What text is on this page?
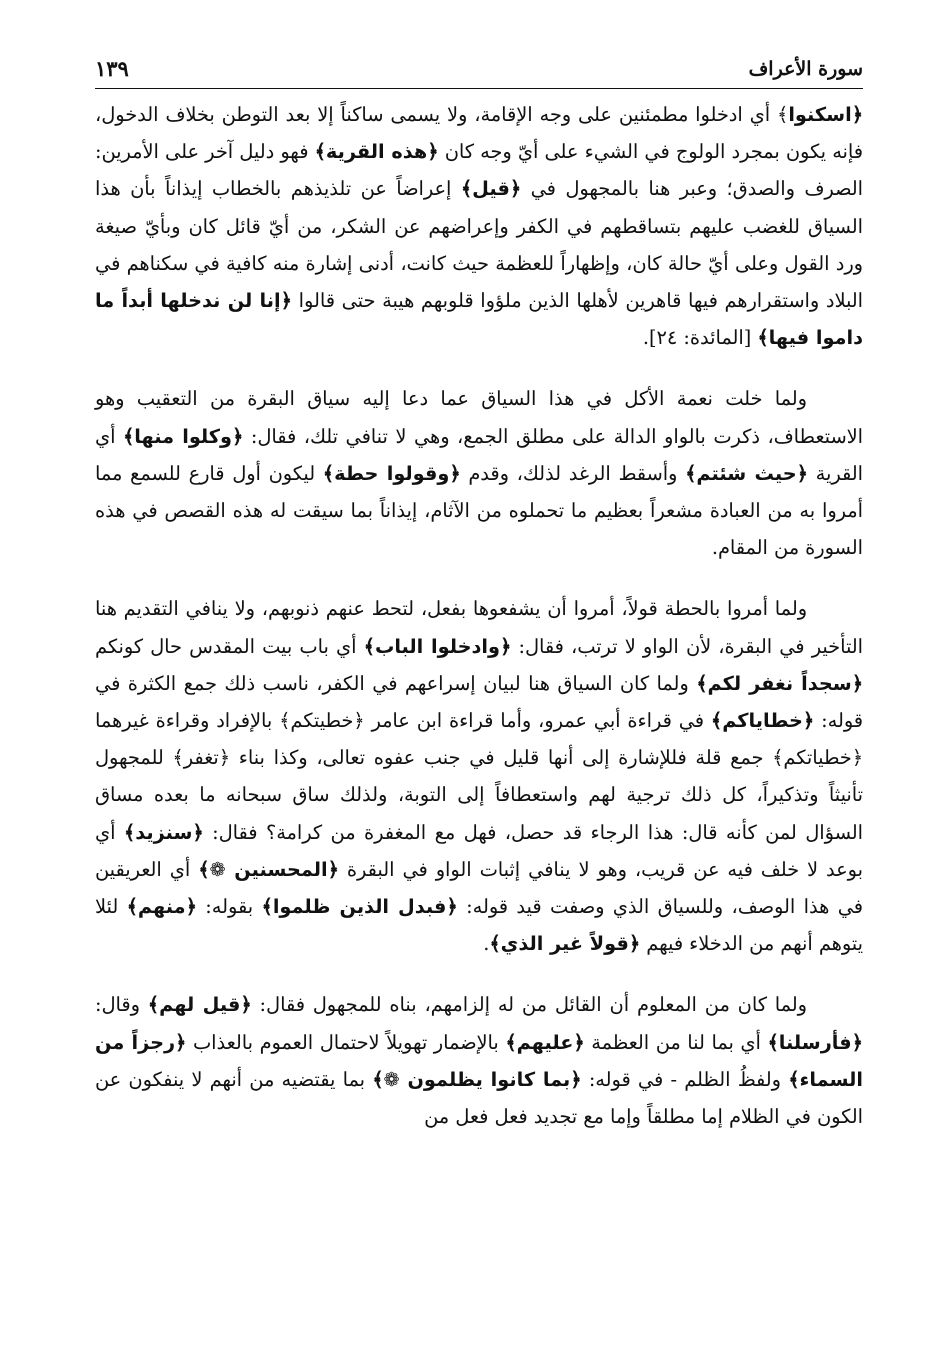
سورة الأعراف
١٣٩

﴿اسكنوا﴾ أي ادخلوا مطمئنين على وجه الإقامة، ولا يسمى ساكناً إلا بعد التوطن بخلاف الدخول، فإنه يكون بمجرد الولوج في الشيء على أيّ وجه كان ﴿هذه القرية﴾ فهو دليل آخر على الأمرين: الصرف والصدق؛ وعبر هنا بالمجهول في ﴿قيل﴾ إعراضاً عن تلذيذهم بالخطاب إيذاناً بأن هذا السياق للغضب عليهم بتساقطهم في الكفر وإعراضهم عن الشكر، من أيّ قائل كان وبأيّ صيغة ورد القول وعلى أيّ حالة كان، وإظهاراً للعظمة حيث كانت، أدنى إشارة منه كافية في سكناهم في البلاد واستقرارهم فيها قاهرين لأهلها الذين ملؤوا قلوبهم هيبة حتى قالوا ﴿إنا لن ندخلها أبداً ما داموا فيها﴾ [المائدة: ٢٤].

ولما خلت نعمة الأكل في هذا السياق عما دعا إليه سياق البقرة من التعقيب وهو الاستعطاف، ذكرت بالواو الدالة على مطلق الجمع، وهي لا تنافي تلك، فقال: ﴿وكلوا منها﴾ أي القرية ﴿حيث شئتم﴾ وأسقط الرغد لذلك، وقدم ﴿وقولوا حطة﴾ ليكون أول قارع للسمع مما أمروا به من العبادة مشعراً بعظيم ما تحملوه من الآثام، إيذاناً بما سيقت له هذه القصص في هذه السورة من المقام.

ولما أمروا بالحطة قولاً، أمروا أن يشفعوها بفعل، لتحط عنهم ذنوبهم، ولا ينافي التقديم هنا التأخير في البقرة، لأن الواو لا ترتب، فقال: ﴿وادخلوا الباب﴾ أي باب بيت المقدس حال كونكم ﴿سجداً نغفر لكم﴾ ولما كان السياق هنا لبيان إسراعهم في الكفر، ناسب ذلك جمع الكثرة في قوله: ﴿خطاياكم﴾ في قراءة أبي عمرو، وأما قراءة ابن عامر ﴿خطيتكم﴾ بالإفراد وقراءة غيرهما ﴿خطياتكم﴾ جمع قلة فللإشارة إلى أنها قليل في جنب عفوه تعالى، وكذا بناء ﴿تغفر﴾ للمجهول تأنيثاً وتذكيراً، كل ذلك ترجية لهم واستعطافاً إلى التوبة، ولذلك ساق سبحانه ما بعده مساق السؤال لمن كأنه قال: هذا الرجاء قد حصل، فهل مع المغفرة من كرامة؟ فقال: ﴿سنزيد﴾ أي بوعد لا خلف فيه عن قريب، وهو لا ينافي إثبات الواو في البقرة ﴿المحسنين ❁﴾ أي العريقين في هذا الوصف، وللسياق الذي وصفت قيد قوله: ﴿فبدل الذين ظلموا﴾ بقوله: ﴿منهم﴾ لئلا يتوهم أنهم من الدخلاء فيهم ﴿قولاً غير الذي﴾.

ولما كان من المعلوم أن القائل من له إلزامهم، بناه للمجهول فقال: ﴿قيل لهم﴾ وقال: ﴿فأرسلنا﴾ أي بما لنا من العظمة ﴿عليهم﴾ بالإضمار تهويلاً لاحتمال العموم بالعذاب ﴿رجزاً من السماء﴾ ولفظُ الظلم - في قوله: ﴿بما كانوا يظلمون ❁﴾ بما يقتضيه من أنهم لا ينفكون عن الكون في الظلام إما مطلقاً وإما مع تجديد فعل فعل من
